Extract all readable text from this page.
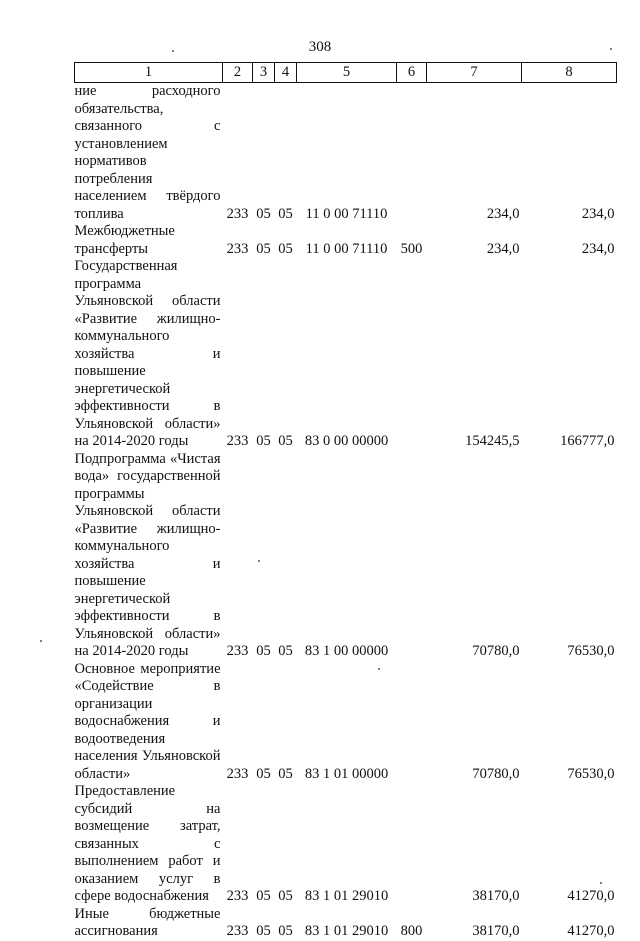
308
1	2	3	4	5	6	7	8
ние расходного обязательства, связанного с установлением нормативов потребления населением твёрдого топлива	233	05	05	11 0 00 71110		234,0	234,0
Межбюджетные трансферты	233	05	05	11 0 00 71110	500	234,0	234,0
Государственная программа Ульяновской области «Развитие жилищно-коммунального хозяйства и повышение энергетической эффективности в Ульяновской области» на 2014-2020 годы	233	05	05	83 0 00 00000		154245,5	166777,0
Подпрограмма «Чистая вода» государственной программы Ульяновской области «Развитие жилищно-коммунального хозяйства и повышение энергетической эффективности в Ульяновской области» на 2014-2020 годы	233	05	05	83 1 00 00000		70780,0	76530,0
Основное мероприятие «Содействие в организации водоснабжения и водоотведения населения Ульяновской области»	233	05	05	83 1 01 00000		70780,0	76530,0
Предоставление субсидий на возмещение затрат, связанных с выполнением работ и оказанием услуг в сфере водоснабжения	233	05	05	83 1 01 29010		38170,0	41270,0
Иные бюджетные ассигнования	233	05	05	83 1 01 29010	800	38170,0	41270,0
